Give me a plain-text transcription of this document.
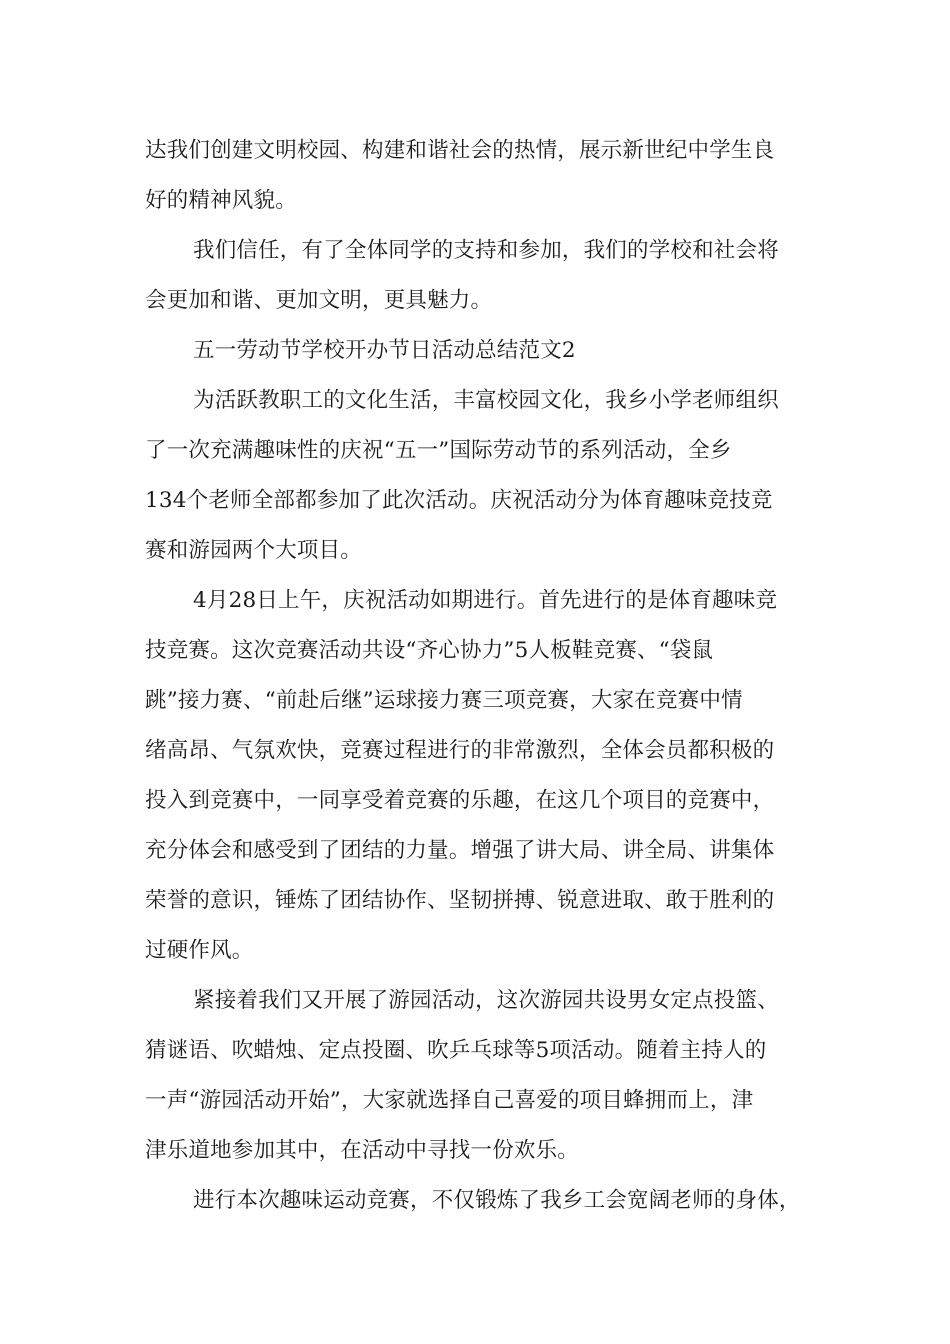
达我们创建文明校园、构建和谐社会的热情，展示新世纪中学生良
好的精神风貌。
我们信任，有了全体同学的支持和参加，我们的学校和社会将
会更加和谐、更加文明，更具魅力。
五一劳动节学校开办节日活动总结范文2
为活跃教职工的文化生活，丰富校园文化，我乡小学老师组织
了一次充满趣味性的庆祝“五一”国际劳动节的系列活动，全乡
134个老师全部都参加了此次活动。庆祝活动分为体育趣味竞技竞
赛和游园两个大项目。
4月28日上午，庆祝活动如期进行。首先进行的是体育趣味竞
技竞赛。这次竞赛活动共设“齐心协力”5人板鞋竞赛、“袋鼠
跳”接力赛、“前赴后继”运球接力赛三项竞赛，大家在竞赛中情
绪高昂、气氛欢快，竞赛过程进行的非常激烈，全体会员都积极的
投入到竞赛中，一同享受着竞赛的乐趣，在这几个项目的竞赛中，
充分体会和感受到了团结的力量。增强了讲大局、讲全局、讲集体
荣誉的意识，锤炼了团结协作、坚韧拼搏、锐意进取、敢于胜利的
过硬作风。
紧接着我们又开展了游园活动，这次游园共设男女定点投篮、
猜谜语、吹蜡烛、定点投圈、吹乒乓球等5项活动。随着主持人的
一声“游园活动开始”，大家就选择自己喜爱的项目蜂拥而上，津
津乐道地参加其中，在活动中寻找一份欢乐。
进行本次趣味运动竞赛，不仅锻炼了我乡工会宽阔老师的身体，
